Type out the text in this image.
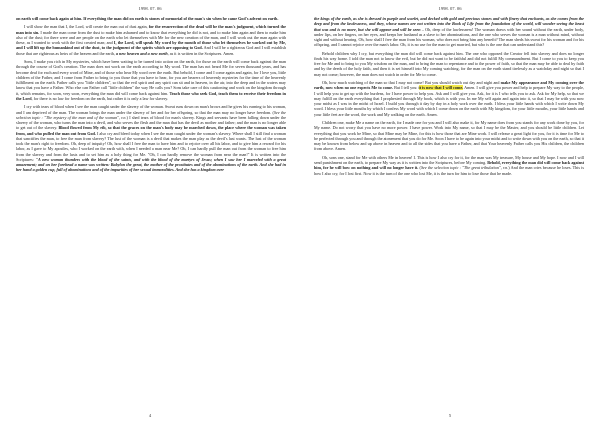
1998. 07. 06

on earth will come back again at him. If everything the man did on earth is stones of memorial of the man's sin when he came God's advent on earth.

I will show the man that I, the Lord, will create the man out of dust again, for the resurrection of the dead will be the man's judgment, which turned the man into sin. I made the man come from the dust to make him ashamed and to know that everything he did is not, and to make him again and then to make him also of the dust; for there were and are people on the earth who let themselves with Me for the new creation of the man, and I will work out the man again with these, as I wanted to work with the first created man; and I, the Lord, will speak My word by the mouth of those who let themselves be worked out by Me, and I will lift up the humankind out of the dust, to the judgment of the spirits which are opposing to God. And I will be a righteous God and I will establish those that are righteous as heirs of the heaven and the earth, a new heaven and a new earth, as it is written in the Scriptures. Amen.

Sons, I make you rich in My mysteries, which have been waiting to be turned into action on the earth, for those on the earth will come back against the man through the course of God's creation. The man does not work on the earth according to My word. The man has not heard Me for seven thousand years, and has become deaf for each and every word of Mine, and of those who hear My word over the earth. But behold, I come and I come again and again, for I love you, little children of the Father, and I come from Father to bring to you those that you have to hear, for you are bearers of heavenly mysteries for the time of the heavenly fulfillment on the earth. Father calls you "little children", so that the evil spirit and any spirit can sit and in heaven, in the air, into the deep and in the waters may know that you have a Father. Who else can Father call "little children" the way He calls you? Sons take care of this cautioning and work on the kingdom through it, which remains, for soon, very soon, everything the man did will come back against him. Teach those who seek God, teach them to receive their freedom in the Lord, for there is no law for freedom on the earth, but rather it is only a law for slavery.

I cry with tears of blood when I see the man caught under the slavery of the woman. Sweat runs down on man's brows and he gives his earning to his woman, and I am deprived of the man. The woman brings the man under the slavery of her and for her offspring, so that the man may no longer have freedom. (See the selection topic : "The mystery of the man and of the woman", r.n.) I shed tears of blood for man's slavery. Kings and servants have been falling down under the slavery of the woman, who turns the man into a devil, and who serves the flesh and the man that has the devil as mother and father; and the man is no longer able to get out of the slavery. Blood flowed from My rib, so that the graces on the man's body may be marched down, the place where the woman was taken from, and who pulled the man out from God. I also cry and bleed today when I see the man caught under the woman's slavery. Where shall I still find a woman that sanctifies the man, to free the man from slavery? The lust of the woman is a devil that makes the man play as the devil's lust wants. The lust of the woman took the man's right to freedom. Oh, deep of iniquity! Oh, how shall I free the man to have him and to rejoice over all his labor, and to give him a reward for his labor, as I gave to My apostles, who I worked on the earth with, when I needed a man near Me? Oh, I can hardly pull the man out from the woman to free him from the slavery and from the lusts and to set him as a holy thing for Me. "Oh, I can hardly remove the woman from near the man!" It is written into the Scriptures: "A new woman thunders with the blood of the saints, and with the blood of the martyrs of Jesus; when I saw her I marveled with a great amazement; and on her forehead a name was written: Babylon the great, the mother of the prostitutes and of the abominations of the earth. And she had in her hand a golden cup, full of abominations and of the impurities of her sexual immoralities. And she has a kingdom over

4
1998. 07. 06

the kings of the earth, as she is dressed in purple and scarlet, and decked with gold and precious stones and with finery that enchants, as she comes from the deep and from the lawlessness, and they, whose names are not written into the Book of Life from the foundation of the world, will wonder seeing the beast that was and is no more, but she will appear and will be seen – Oh, deep of the lawlessness! The woman draws with her sound without the earth, under body, under lips, on her fingers, on her eyes, and keeps her husband as a slave to her abominations, and the one who serves the woman is a man without mind, without sight and without hearing. Oh, how shall I free the man from his woman, who does not bring him any benefit? The man sheds his sweat for his woman and for his offspring, and I cannot rejoice over the man's labor. Oh, it is no use for the man to get married, but who is the one that can understand this?

Behold children why I cry, but everything the man did will come back against him. The one who opposed the Creator fell into slavery and does no longer finds his way home. I told the man not to know the evil, but he did not want to be faithful and did not fulfill My commandment. But I come to you to keep you free for Me and to bring to you My wisdom on the man, and to bring the man to repentance and to the power of faith, so that the man may be able to deal by faith and by the deeds of the holy faith, and then it is set himself into My coming watching, for the man on the earth stand tirelessly as a watchday and night so that I may not come; however, the man does not watch in order for Me to come.

Oh, how much watching of the man so that I may not come! But you should watch out day and night and make My appearance and My coming over the earth, now when no one expects Me to come. But I tell you: it is now that I will come. Amen. I will give you power and help to prepare My way to the people, I will help you to get up with the burdens, for I have power to help you. Ask and I will give you. Ask, for it is I who tells you to ask. Ask for My help, so that we may fulfill on the earth everything that I prophesied through My book, which is with you. In me My self again and again into it, so that I may be with you now your midst as I was in the midst of Israel. I build you through it day by day in a holy work over the earth. I bless your little hands with which I write down My word. I bless your little mouths by which I confess My word with which I come down on the earth with My kingdom, for your little mouths, your little hands and your little feet are the word, the work and My walking on the earth. Amen.

Children one, make Me a name on the earth, for I made one for you and I will also make it, for My name does from you stands for any work done by you, for My name. Do not worry that you have no more power. I have power. Work into My name, so that I may be the Master, and you should be little children. Let everything that you work be Mine, so that Mine may be Mine, for this is how those that are Mine work. I will release a great light for you, for it is time for Me to be perfected through you and through the atonement that you do for Me. Soon I have to be again into your midst and to write down with you on the earth, so that it may be known from below and up above in heaven and to all the sides that you have a Father, and that Your heavenly Father calls you His children, the children from above. Amen.

Oh, sons one, stand for Me with others Me in heaven! I. This is how I also cry for it, for the man was My treasure, My house and My hope. I now and I will send punishment on the earth, to prepare My way as it is written into the Scriptures, before My coming. Behold, everything the man did will come back against him, for he will bow on nothing and will no longer have it. (See the selection topic : "The great tribulation", r.n.) And the man cries because he loses. This is how I also cry, for I lost first. Now it is the turn of the one who lost Me, it is the turn for him to lose those that he made.

5
